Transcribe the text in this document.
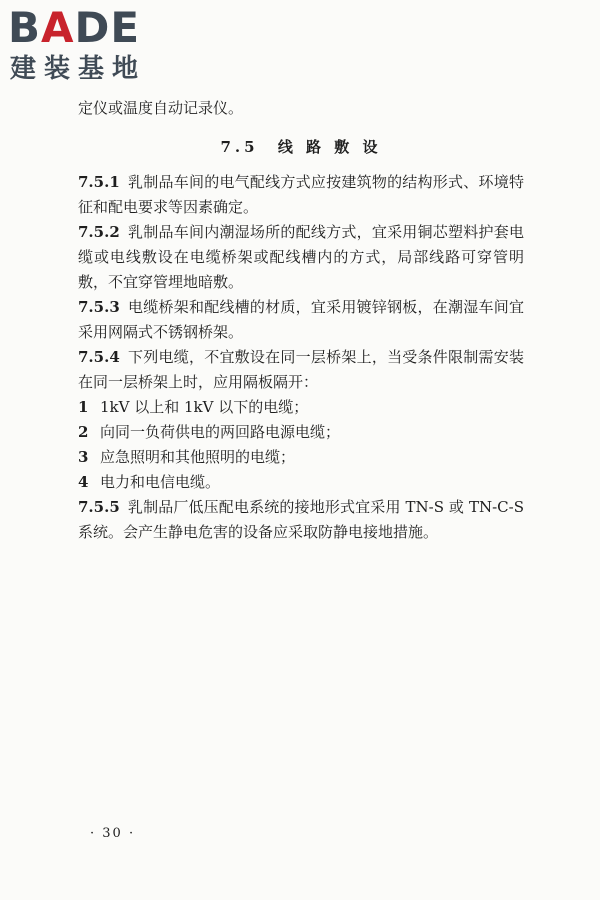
BADE
建装基地

定仪或温度自动记录仪。

7.5 线 路 敷 设

7.5.1 乳制品车间的电气配线方式应按建筑物的结构形式、环境特征和配电要求等因素确定。

7.5.2 乳制品车间内潮湿场所的配线方式，宜采用铜芯塑料护套电缆或电线敷设在电缆桥架或配线槽内的方式，局部线路可穿管明敷，不宜穿管埋地暗敷。

7.5.3 电缆桥架和配线槽的材质，宜采用镀锌钢板，在潮湿车间宜采用网隔式不锈钢桥架。

7.5.4 下列电缆，不宜敷设在同一层桥架上，当受条件限制需安装在同一层桥架上时，应用隔板隔开：

1 1kV 以上和 1kV 以下的电缆；

2 向同一负荷供电的两回路电源电缆；

3 应急照明和其他照明的电缆；

4 电力和电信电缆。

7.5.5 乳制品厂低压配电系统的接地形式宜采用 TN-S 或 TN-C-S 系统。会产生静电危害的设备应采取防静电接地措施。

· 30 ·
